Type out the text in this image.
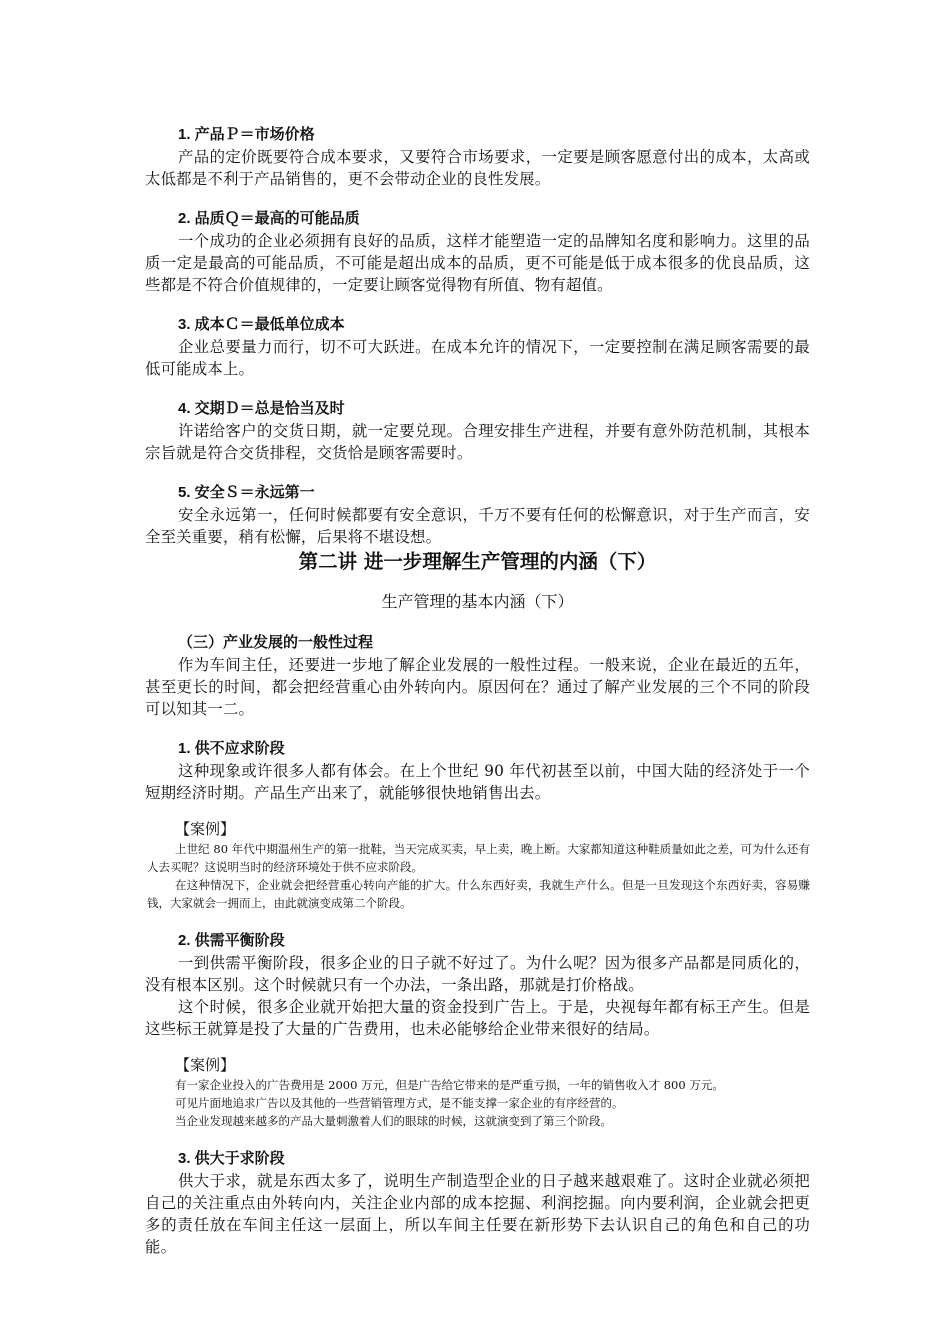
1. 产品Ｐ＝市场价格

产品的定价既要符合成本要求，又要符合市场要求，一定要是顾客愿意付出的成本，太高或太低都是不利于产品销售的，更不会带动企业的良性发展。

2. 品质Ｑ＝最高的可能品质

一个成功的企业必须拥有良好的品质，这样才能塑造一定的品牌知名度和影响力。这里的品质一定是最高的可能品质，不可能是超出成本的品质，更不可能是低于成本很多的优良品质，这些都是不符合价值规律的，一定要让顾客觉得物有所值、物有超值。

3. 成本Ｃ＝最低单位成本

企业总要量力而行，切不可大跃进。在成本允许的情况下，一定要控制在满足顾客需要的最低可能成本上。

4. 交期Ｄ＝总是恰当及时

许诺给客户的交货日期，就一定要兑现。合理安排生产进程，并要有意外防范机制，其根本宗旨就是符合交货排程，交货恰是顾客需要时。

5. 安全Ｓ＝永远第一

安全永远第一，任何时候都要有安全意识，千万不要有任何的松懈意识，对于生产而言，安全至关重要，稍有松懈，后果将不堪设想。

第二讲 进一步理解生产管理的内涵（下）

生产管理的基本内涵（下）

（三）产业发展的一般性过程

作为车间主任，还要进一步地了解企业发展的一般性过程。一般来说，企业在最近的五年，甚至更长的时间，都会把经营重心由外转向内。原因何在？通过了解产业发展的三个不同的阶段可以知其一二。

1. 供不应求阶段

这种现象或许很多人都有体会。在上个世纪 90 年代初甚至以前，中国大陆的经济处于一个短期经济时期。产品生产出来了，就能够很快地销售出去。

【案例】

上世纪 80 年代中期温州生产的第一批鞋，当天完成买卖，早上卖，晚上断。大家都知道这种鞋质量如此之差，可为什么还有人去买呢？这说明当时的经济环境处于供不应求阶段。

在这种情况下，企业就会把经营重心转向产能的扩大。什么东西好卖，我就生产什么。但是一旦发现这个东西好卖，容易赚钱，大家就会一拥而上，由此就演变成第二个阶段。

2. 供需平衡阶段

一到供需平衡阶段，很多企业的日子就不好过了。为什么呢？因为很多产品都是同质化的，没有根本区别。这个时候就只有一个办法，一条出路，那就是打价格战。

这个时候，很多企业就开始把大量的资金投到广告上。于是，央视每年都有标王产生。但是这些标王就算是投了大量的广告费用，也未必能够给企业带来很好的结局。

【案例】

有一家企业投入的广告费用是 2000 万元，但是广告给它带来的是严重亏损，一年的销售收入才 800 万元。

可见片面地追求广告以及其他的一些营销管理方式，是不能支撑一家企业的有序经营的。

当企业发现越来越多的产品大量刺激着人们的眼球的时候，这就演变到了第三个阶段。

3. 供大于求阶段

供大于求，就是东西太多了，说明生产制造型企业的日子越来越艰难了。这时企业就必须把自己的关注重点由外转向内，关注企业内部的成本挖掘、利润挖掘。向内要利润，企业就会把更多的责任放在车间主任这一层面上，所以车间主任要在新形势下去认识自己的角色和自己的功能。
